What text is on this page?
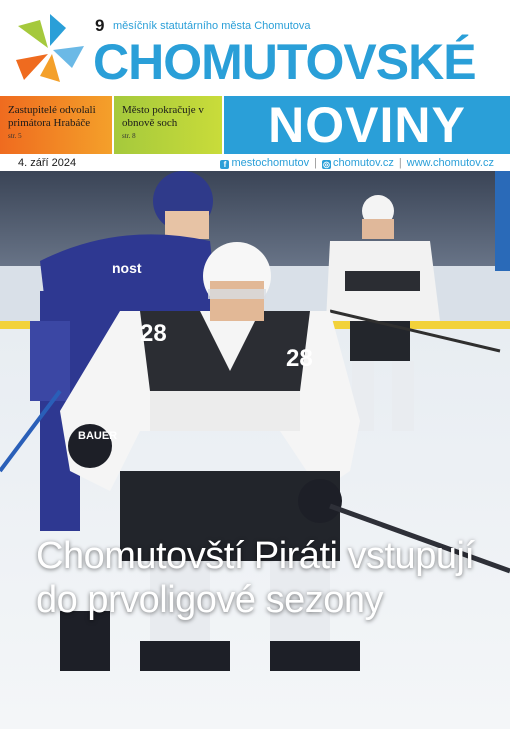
9 měsíčník statutárního města Chomutova
CHOMUTOVSKÉ
NOVINY
Zastupitelé odvolali primátora Hrabáče
str. 5
Město pokračuje v obnově soch
str. 8
4. září 2024	f mestochomutov | ◎ chomutov.cz | www.chomutov.cz
28
28
BAUER
nost
Chomutovští Piráti vstupují do prvoligové sezony
